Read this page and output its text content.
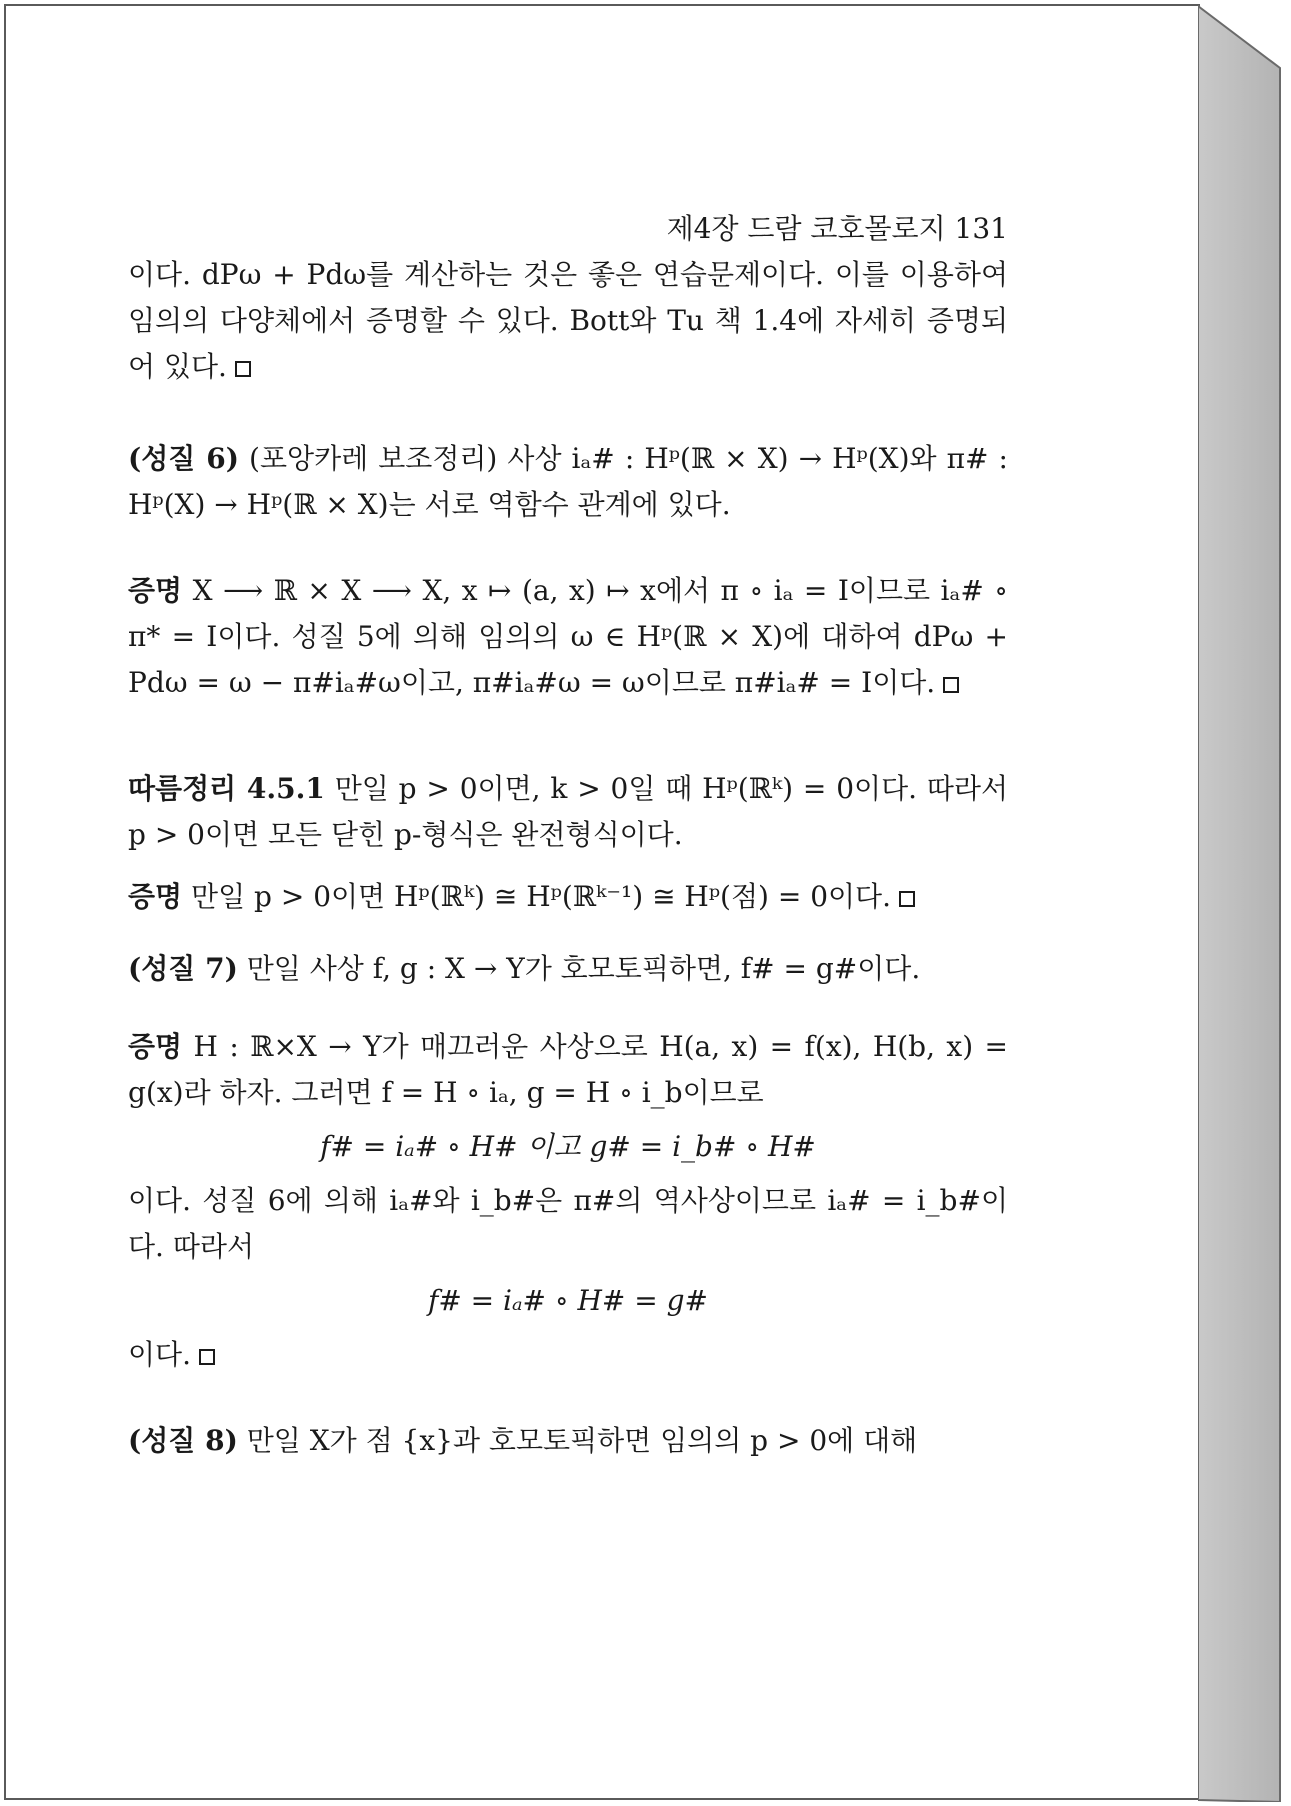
제4장 드람 코호몰로지 131

이다. dPω + Pdω를 계산하는 것은 좋은 연습문제이다. 이를 이용하여 임의의 다양체에서 증명할 수 있다. Bott와 Tu 책 1.4에 자세히 증명되어 있다.

(성질 6) (포앙카레 보조정리) 사상 iₐ# : Hᵖ(ℝ × X) → Hᵖ(X)와 π# : Hᵖ(X) → Hᵖ(ℝ × X)는 서로 역함수 관계에 있다.

증명 X ⟶ ℝ × X ⟶ X, x ↦ (a, x) ↦ x에서 π ∘ iₐ = I이므로 iₐ# ∘ π* = I이다. 성질 5에 의해 임의의 ω ∈ Hᵖ(ℝ × X)에 대하여 dPω + Pdω = ω − π#iₐ#ω이고, π#iₐ#ω = ω이므로 π#iₐ# = I이다.

따름정리 4.5.1 만일 p > 0이면, k > 0일 때 Hᵖ(ℝᵏ) = 0이다. 따라서 p > 0이면 모든 닫힌 p-형식은 완전형식이다.

증명 만일 p > 0이면 Hᵖ(ℝᵏ) ≅ Hᵖ(ℝᵏ⁻¹) ≅ Hᵖ(점) = 0이다.

(성질 7) 만일 사상 f, g : X → Y가 호모토픽하면, f# = g#이다.

증명 H : ℝ×X → Y가 매끄러운 사상으로 H(a, x) = f(x), H(b, x) = g(x)라 하자. 그러면 f = H ∘ iₐ, g = H ∘ i_b이므로

f# = iₐ# ∘ H# 이고 g# = i_b# ∘ H#

이다. 성질 6에 의해 iₐ#와 i_b#은 π#의 역사상이므로 iₐ# = i_b#이다. 따라서

f# = iₐ# ∘ H# = g#

이다.

(성질 8) 만일 X가 점 {x}과 호모토픽하면 임의의 p > 0에 대해
